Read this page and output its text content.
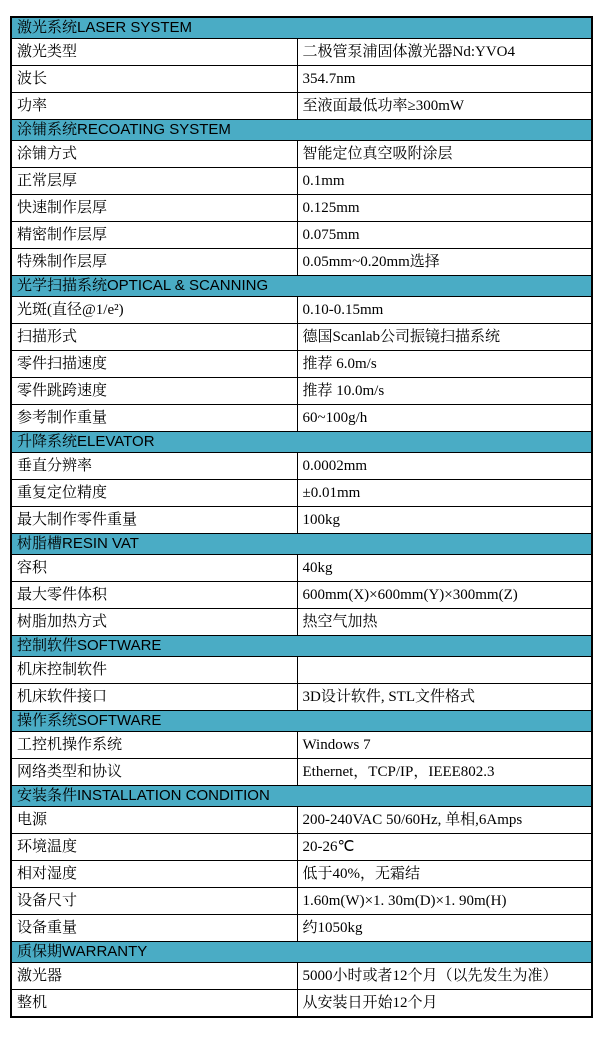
激光系统LASER SYSTEM	
激光类型	二极管泵浦固体激光器Nd:YVO4
波长	354.7nm
功率	至液面最低功率≥300mW
涂铺系统RECOATING SYSTEM	
涂铺方式	智能定位真空吸附涂层
正常层厚	0.1mm
快速制作层厚	0.125mm
精密制作层厚	0.075mm
特殊制作层厚	0.05mm~0.20mm选择
光学扫描系统OPTICAL & SCANNING	
光斑(直径@1/e²)	0.10-0.15mm
扫描形式	德国Scanlab公司振镜扫描系统
零件扫描速度	推荐 6.0m/s
零件跳跨速度	推荐 10.0m/s
参考制作重量	60~100g/h
升降系统ELEVATOR	
垂直分辨率	0.0002mm
重复定位精度	±0.01mm
最大制作零件重量	100kg
树脂槽RESIN VAT	
容积	40kg
最大零件体积	600mm(X)×600mm(Y)×300mm(Z)
树脂加热方式	热空气加热
控制软件SOFTWARE	
机床控制软件	
机床软件接口	3D设计软件, STL文件格式
操作系统SOFTWARE	
工控机操作系统	Windows 7
网络类型和协议	Ethernet，TCP/IP，IEEE802.3
安装条件INSTALLATION CONDITION	
电源	200-240VAC 50/60Hz, 单相,6Amps
环境温度	20-26℃
相对湿度	低于40%，无霜结
设备尺寸	1.60m(W)×1. 30m(D)×1. 90m(H)
设备重量	约1050kg
质保期WARRANTY	
激光器	5000小时或者12个月（以先发生为准）
整机	从安装日开始12个月
